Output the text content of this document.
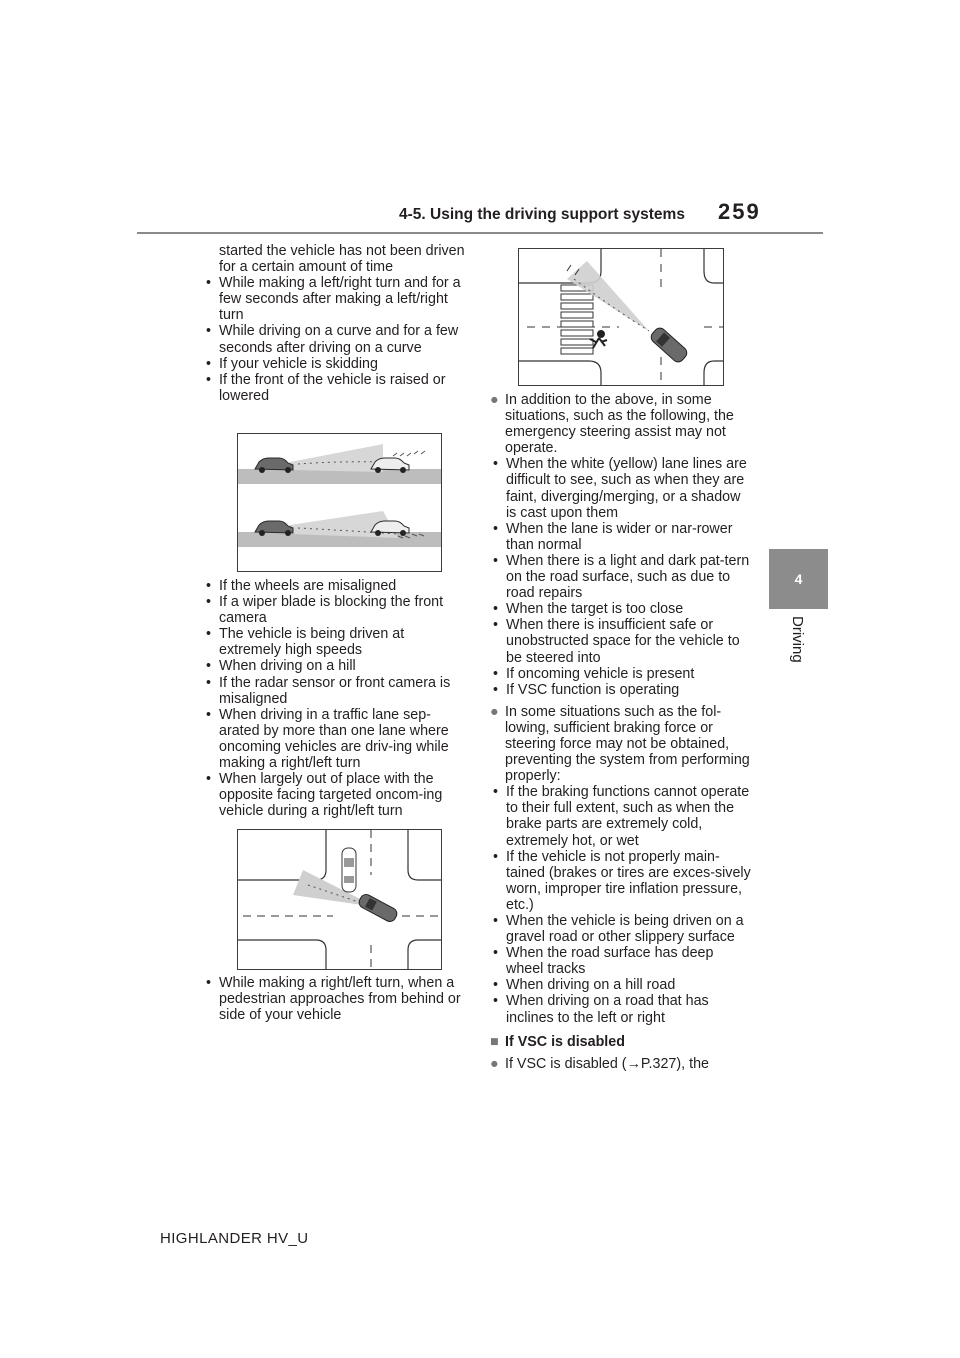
4-5. Using the driving support systems 259
4
Driving

started the vehicle has not been driven for a certain amount of time

• While making a left/right turn and for a few seconds after making a left/right turn

• While driving on a curve and for a few seconds after driving on a curve

• If your vehicle is skidding

• If the front of the vehicle is raised or lowered

• If the wheels are misaligned

• If a wiper blade is blocking the front camera

• The vehicle is being driven at extremely high speeds

• When driving on a hill

• If the radar sensor or front camera is misaligned

• When driving in a traffic lane sep-arated by more than one lane where oncoming vehicles are driv-ing while making a right/left turn

• When largely out of place with the opposite facing targeted oncom-ing vehicle during a right/left turn

• While making a right/left turn, when a pedestrian approaches from behind or side of your vehicle

● In addition to the above, in some situations, such as the following, the emergency steering assist may not operate.

• When the white (yellow) lane lines are difficult to see, such as when they are faint, diverging/merging, or a shadow is cast upon them

• When the lane is wider or nar-rower than normal

• When there is a light and dark pat-tern on the road surface, such as due to road repairs

• When the target is too close

• When there is insufficient safe or unobstructed space for the vehicle to be steered into

• If oncoming vehicle is present

• If VSC function is operating

● In some situations such as the fol-lowing, sufficient braking force or steering force may not be obtained, preventing the system from performing properly:

• If the braking functions cannot operate to their full extent, such as when the brake parts are extremely cold, extremely hot, or wet

• If the vehicle is not properly main-tained (brakes or tires are exces-sively worn, improper tire inflation pressure, etc.)

• When the vehicle is being driven on a gravel road or other slippery surface

• When the road surface has deep wheel tracks

• When driving on a hill road

• When driving on a road that has inclines to the left or right

■ If VSC is disabled

● If VSC is disabled (→P.327), the

HIGHLANDER HV_U
